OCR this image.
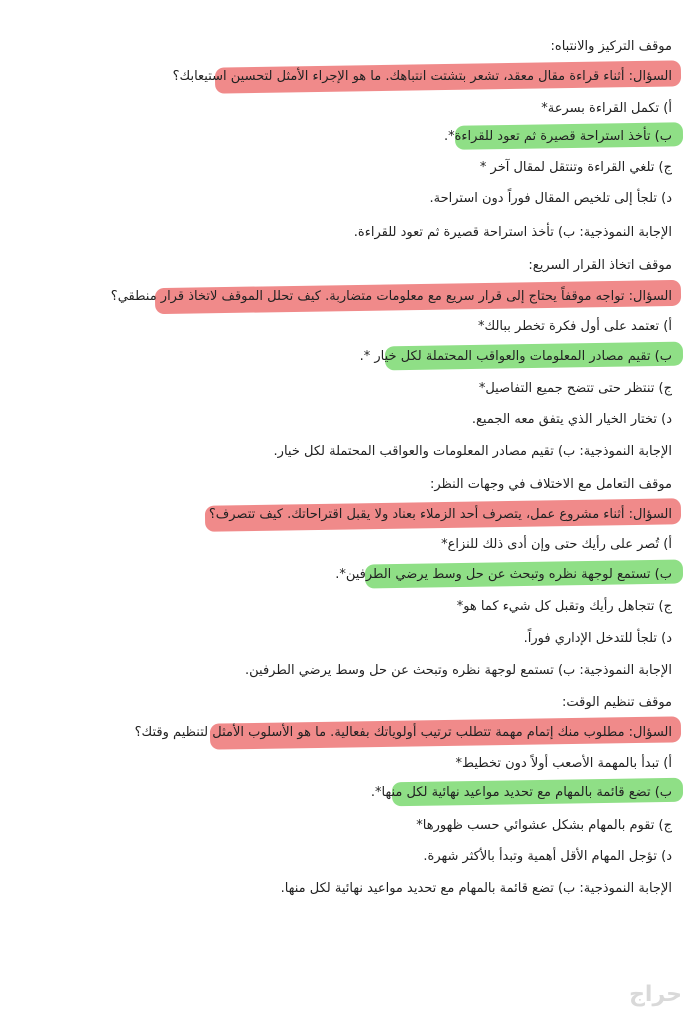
موقف التركيز والانتباه:
السؤال: أثناء قراءة مقال معقد، تشعر بتشتت انتباهك. ما هو الإجراء الأمثل لتحسين استيعابك؟
أ) تكمل القراءة بسرعة*
ب) تأخذ استراحة قصيرة ثم تعود للقراءة*.
ج) تلغي القراءة وتنتقل لمقال آخر *
د) تلجأ إلى تلخيص المقال فوراً دون استراحة.
الإجابة النموذجية: ب) تأخذ استراحة قصيرة ثم تعود للقراءة.
موقف اتخاذ القرار السريع:
السؤال: تواجه موقفاً يحتاج إلى قرار سريع مع معلومات متضاربة. كيف تحلل الموقف لاتخاذ قرار منطقي؟
أ) تعتمد على أول فكرة تخطر ببالك*
ب) تقيم مصادر المعلومات والعواقب المحتملة لكل خيار *.
ج) تنتظر حتى تتضح جميع التفاصيل*
د) تختار الخيار الذي يتفق معه الجميع.
الإجابة النموذجية: ب) تقيم مصادر المعلومات والعواقب المحتملة لكل خيار.
موقف التعامل مع الاختلاف في وجهات النظر:
السؤال: أثناء مشروع عمل، يتصرف أحد الزملاء بعناد ولا يقبل اقتراحاتك. كيف تتصرف؟
أ) تُصر على رأيك حتى وإن أدى ذلك للنزاع*
ب) تستمع لوجهة نظره وتبحث عن حل وسط يرضي الطرفين*.
ج) تتجاهل رأيك وتقبل كل شيء كما هو*
د) تلجأ للتدخل الإداري فوراً.
الإجابة النموذجية: ب) تستمع لوجهة نظره وتبحث عن حل وسط يرضي الطرفين.
موقف تنظيم الوقت:
السؤال: مطلوب منك إتمام مهمة تتطلب ترتيب أولوياتك بفعالية. ما هو الأسلوب الأمثل لتنظيم وقتك؟
أ) تبدأ بالمهمة الأصعب أولاً دون تخطيط*
ب) تضع قائمة بالمهام مع تحديد مواعيد نهائية لكل منها*.
ج) تقوم بالمهام بشكل عشوائي حسب ظهورها*
د) تؤجل المهام الأقل أهمية وتبدأ بالأكثر شهرة.
الإجابة النموذجية: ب) تضع قائمة بالمهام مع تحديد مواعيد نهائية لكل منها.
حراج
